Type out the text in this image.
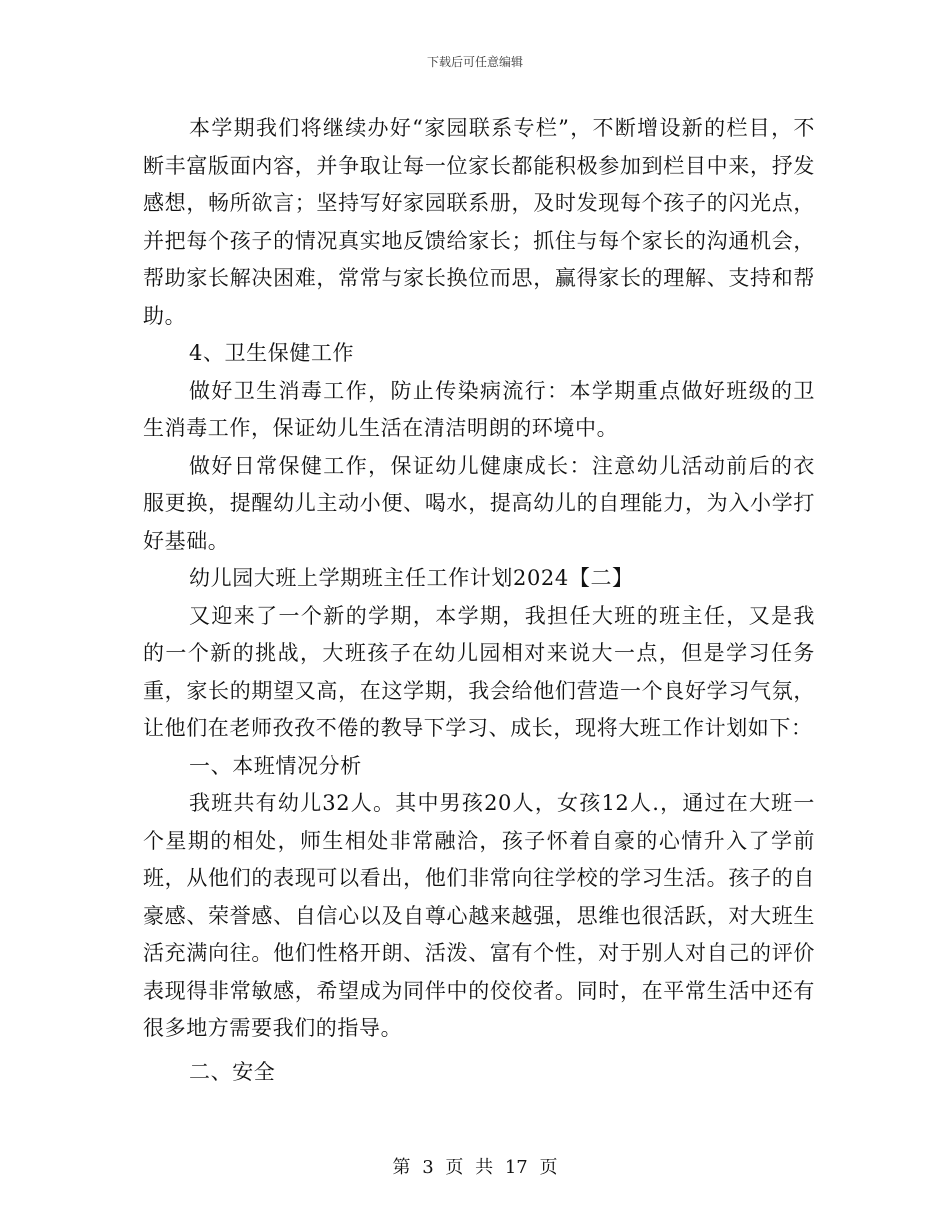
下载后可任意编辑

本学期我们将继续办好“家园联系专栏”，不断增设新的栏目，不断丰富版面内容，并争取让每一位家长都能积极参加到栏目中来，抒发感想，畅所欲言；坚持写好家园联系册，及时发现每个孩子的闪光点，并把每个孩子的情况真实地反馈给家长；抓住与每个家长的沟通机会，帮助家长解决困难，常常与家长换位而思，赢得家长的理解、支持和帮助。

4、卫生保健工作

做好卫生消毒工作，防止传染病流行：本学期重点做好班级的卫生消毒工作，保证幼儿生活在清洁明朗的环境中。

做好日常保健工作，保证幼儿健康成长：注意幼儿活动前后的衣服更换，提醒幼儿主动小便、喝水，提高幼儿的自理能力，为入小学打好基础。

幼儿园大班上学期班主任工作计划2024【二】

又迎来了一个新的学期，本学期，我担任大班的班主任，又是我的一个新的挑战，大班孩子在幼儿园相对来说大一点，但是学习任务重，家长的期望又高，在这学期，我会给他们营造一个良好学习气氛，让他们在老师孜孜不倦的教导下学习、成长，现将大班工作计划如下：

一、本班情况分析

我班共有幼儿32人。其中男孩20人，女孩12人.，通过在大班一个星期的相处，师生相处非常融洽，孩子怀着自豪的心情升入了学前班，从他们的表现可以看出，他们非常向往学校的学习生活。孩子的自豪感、荣誉感、自信心以及自尊心越来越强，思维也很活跃，对大班生活充满向往。他们性格开朗、活泼、富有个性，对于别人对自己的评价表现得非常敏感，希望成为同伴中的佼佼者。同时，在平常生活中还有很多地方需要我们的指导。

二、安全

第 3 页 共 17 页
